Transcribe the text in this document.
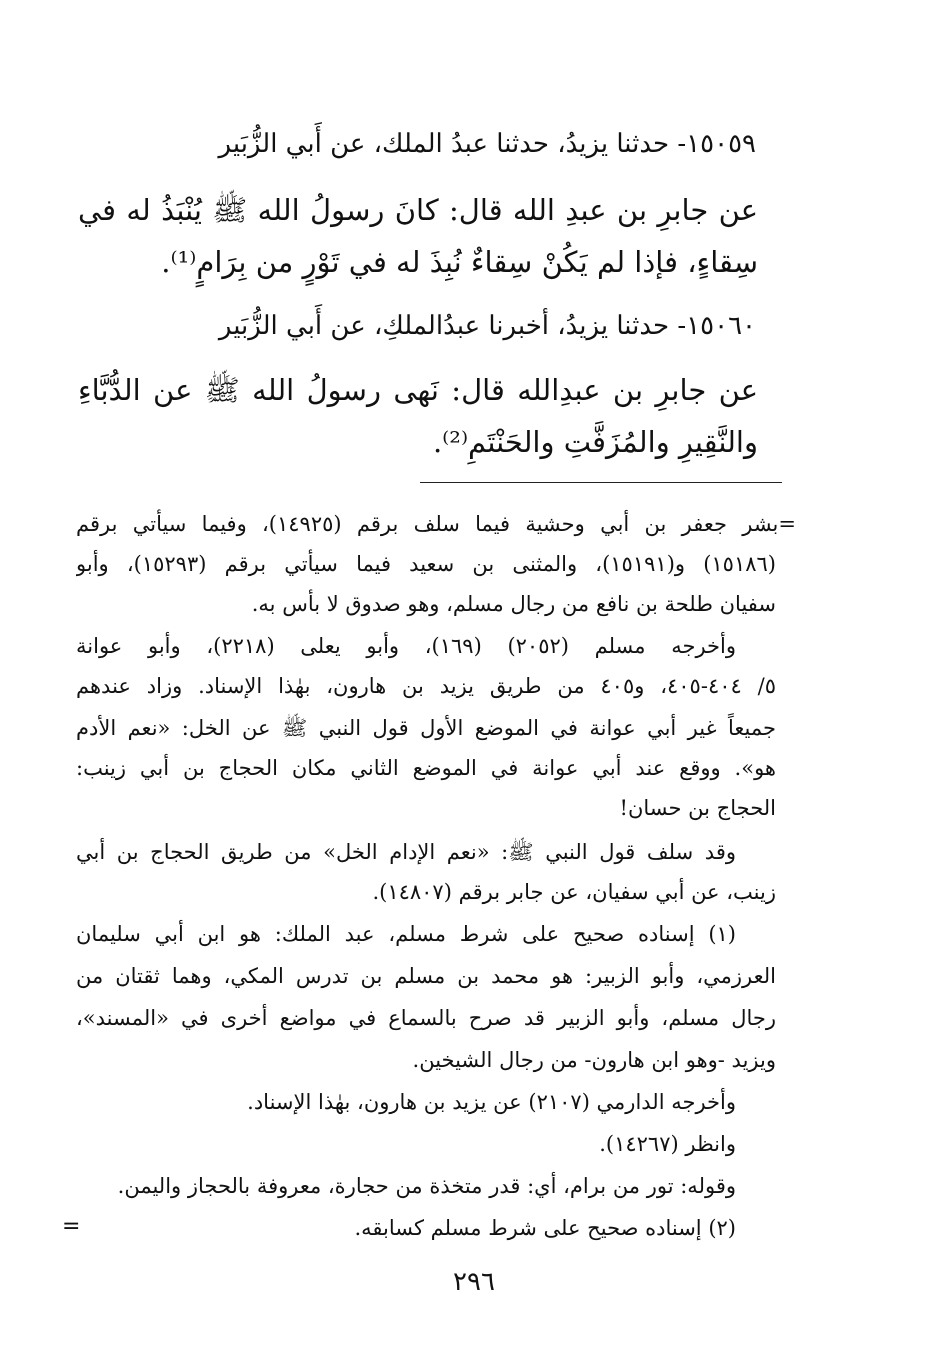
١٥٠٥٩- حدثنا يزيدُ، حدثنا عبدُ الملك، عن أَبي الزُّبَير
عن جابرِ بن عبدِ الله قال: كانَ رسولُ الله ﷺ يُنْبَذُ له في
سِقاءٍ، فإذا لم يَكُنْ سِقاءٌ نُبِذَ له في تَوْرٍ من بِرَامٍ⁽¹⁾.
١٥٠٦٠- حدثنا يزيدُ، أخبرنا عبدُالملكِ، عن أَبي الزُّبَير
عن جابرِ بن عبدِالله قال: نَهى رسولُ الله ﷺ عن الدُّبَّاءِ
والنَّقِيرِ والمُزَفَّتِ والحَنْتَمِ⁽²⁾.
=بشر جعفر بن أبي وحشية فيما سلف برقم (١٤٩٢٥)، وفيما سيأتي برقم
(١٥١٨٦) و(١٥١٩١)، والمثنى بن سعيد فيما سيأتي برقم (١٥٢٩٣)، وأبو
سفيان طلحة بن نافع من رجال مسلم، وهو صدوق لا بأس به.
وأخرجه مسلم (٢٠٥٢) (١٦٩)، وأبو يعلى (٢٢١٨)، وأبو عوانة
٥/ ٤٠٤-٤٠٥، و٤٠٥ من طريق يزيد بن هارون، بهٰذا الإسناد. وزاد عندهم
جميعاً غير أبي عوانة في الموضع الأول قول النبي ﷺ عن الخل: «نعم الأدم
هو». ووقع عند أبي عوانة في الموضع الثاني مكان الحجاج بن أبي زينب:
الحجاج بن حسان!
وقد سلف قول النبي ﷺ: «نعم الإدام الخل» من طريق الحجاج بن أبي
زينب، عن أبي سفيان، عن جابر برقم (١٤٨٠٧).
(١) إسناده صحيح على شرط مسلم، عبد الملك: هو ابن أبي سليمان
العرزمي، وأبو الزبير: هو محمد بن مسلم بن تدرس المكي، وهما ثقتان من
رجال مسلم، وأبو الزبير قد صرح بالسماع في مواضع أخرى في «المسند»،
ويزيد -وهو ابن هارون- من رجال الشيخين.
وأخرجه الدارمي (٢١٠٧) عن يزيد بن هارون، بهٰذا الإسناد.
وانظر (١٤٢٦٧).
وقوله: تور من برام، أي: قدر متخذة من حجارة، معروفة بالحجاز واليمن.
(٢) إسناده صحيح على شرط مسلم كسابقه.
=
٢٩٦
